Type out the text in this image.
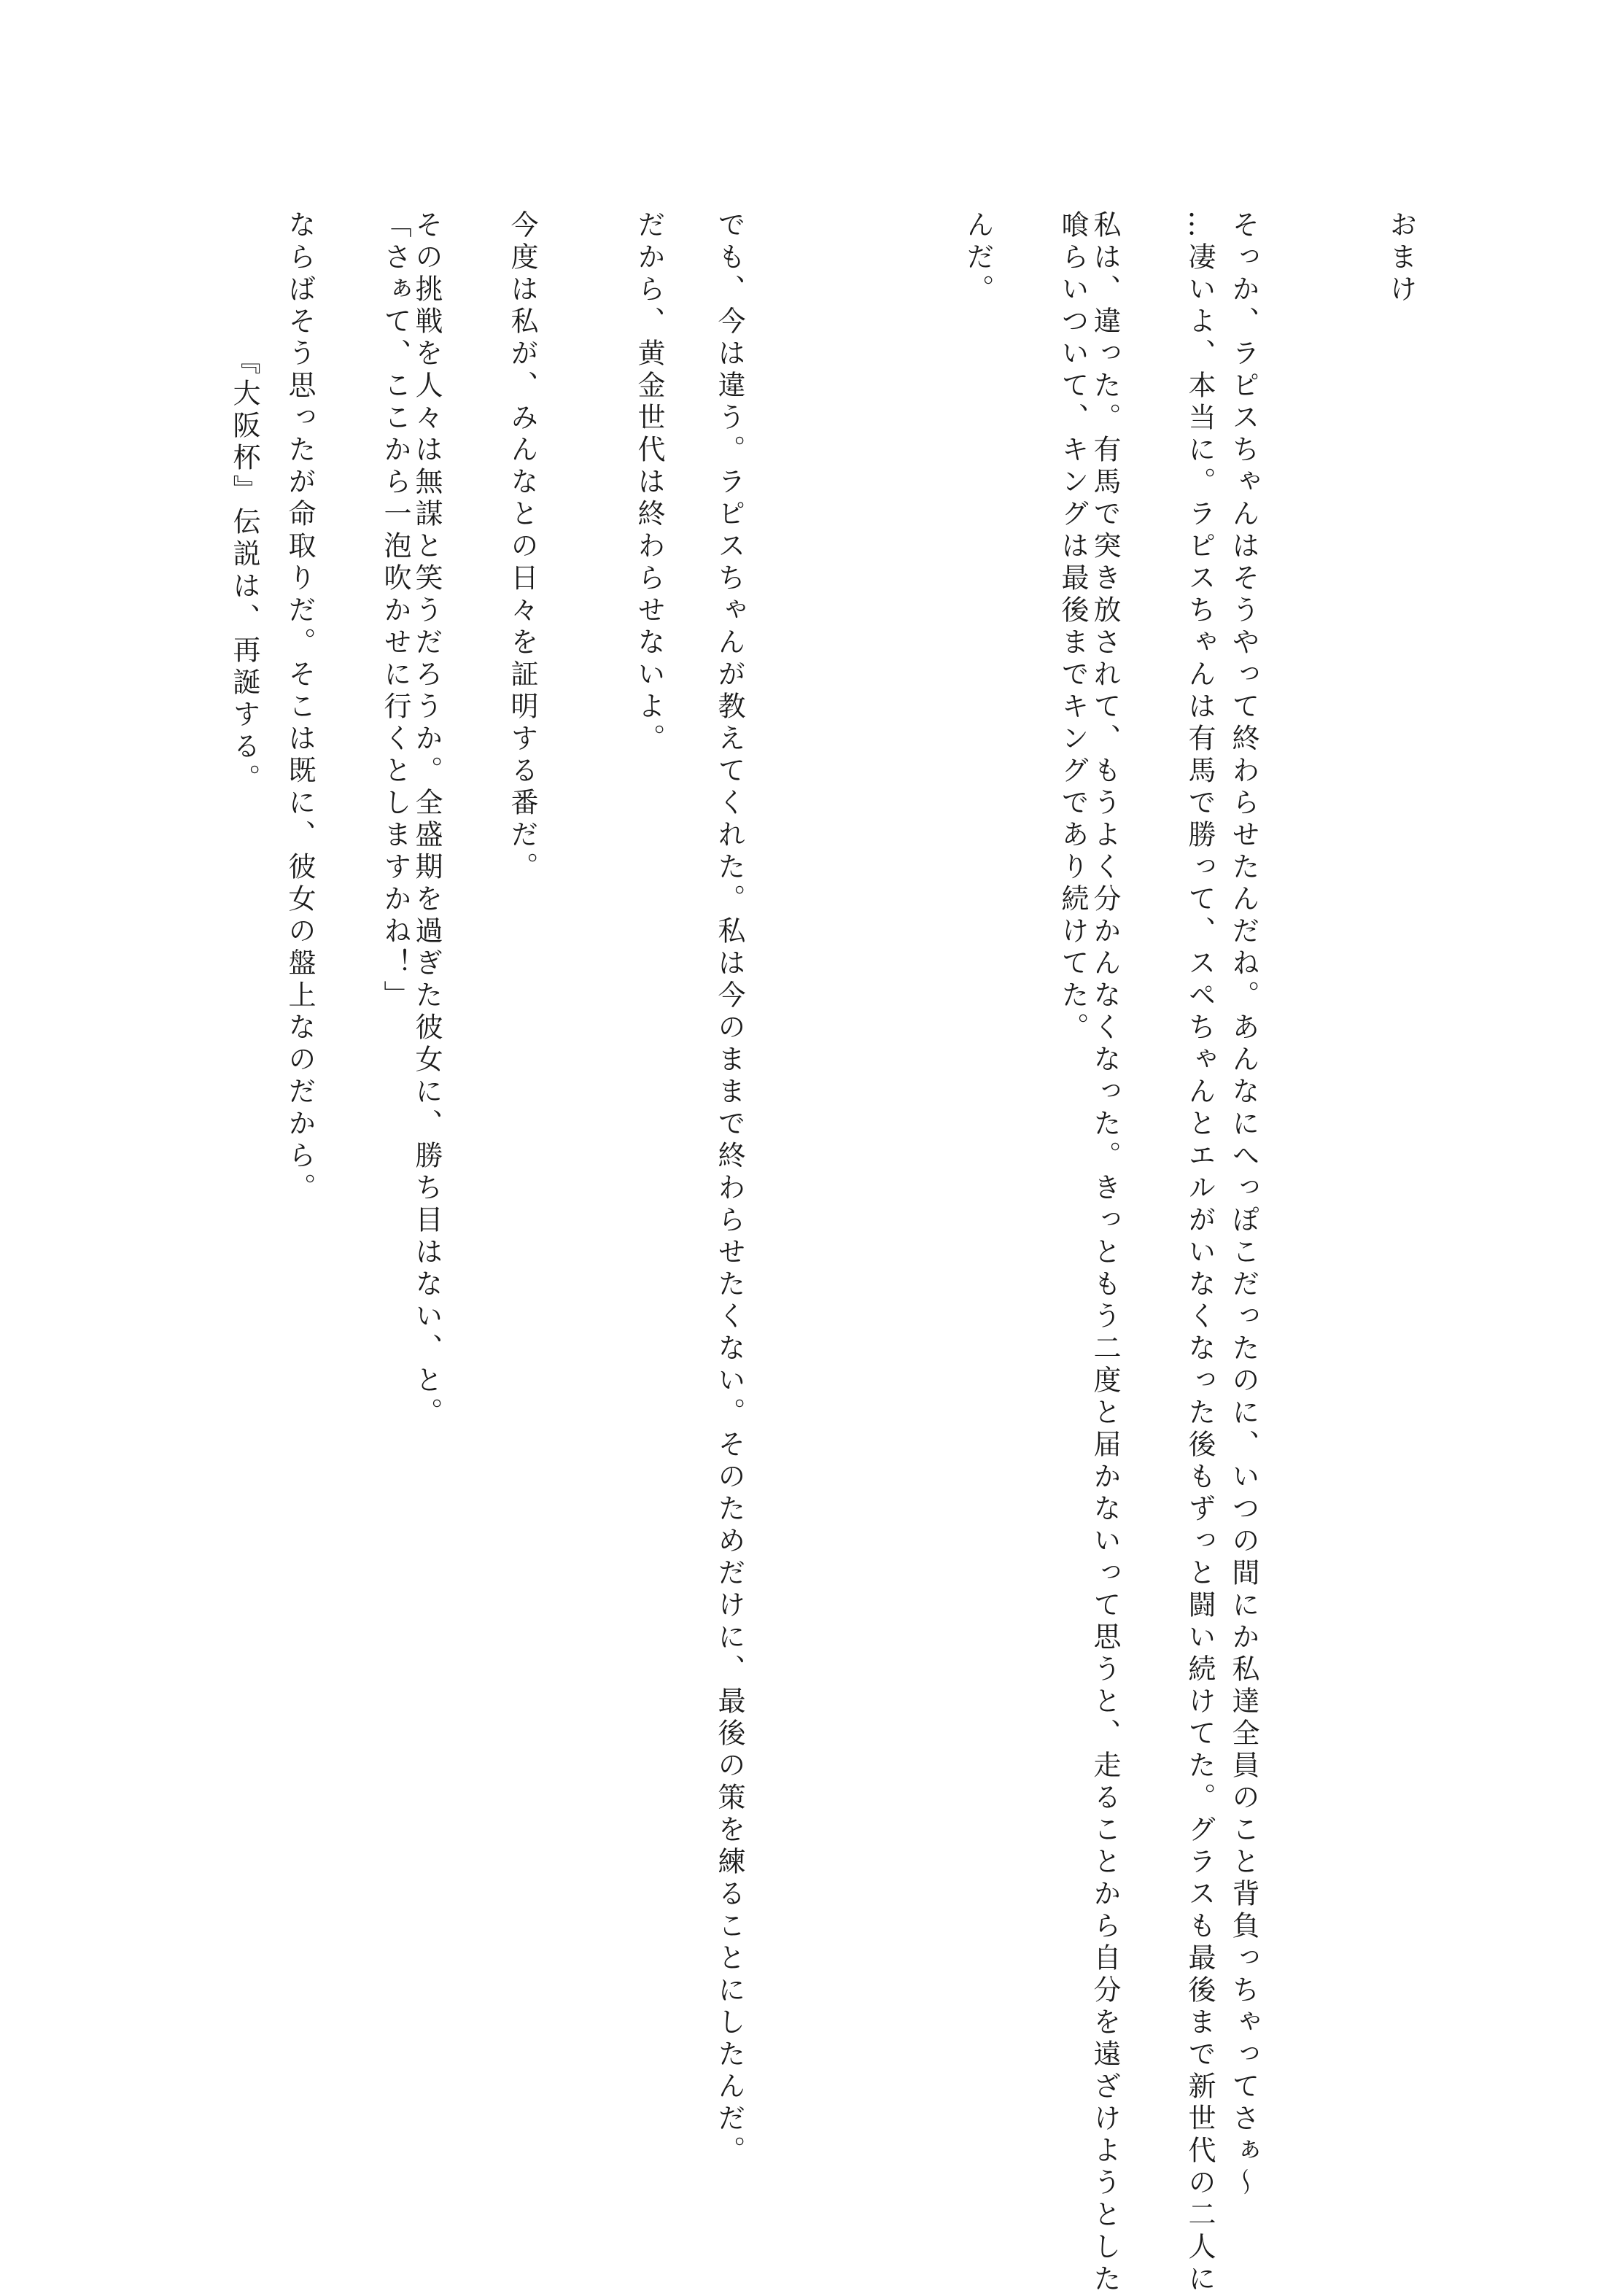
おまけ

そっか、ラピスちゃんはそうやって終わらせたんだね。あんなにへっぽこだったのに、いつの間にか私達全員のこと背負っちゃってさぁ〜

…凄いよ、本当に。ラピスちゃんは有馬で勝って、スペちゃんとエルがいなくなった後もずっと闘い続けてた。グラスも最後まで新世代の二人に

喰らいついて、キングは最後までキングであり続けてた。

私は、違った。有馬で突き放されて、もうよく分かんなくなった。きっともう二度と届かないって思うと、走ることから自分を遠ざけようとした

んだ。

でも、今は違う。ラピスちゃんが教えてくれた。私は今のままで終わらせたくない。そのためだけに、最後の策を練ることにしたんだ。

だから、黄金世代は終わらせないよ。

今度は私が、みんなとの日々を証明する番だ。

「さぁて、ここから一泡吹かせに行くとしますかね！」

その挑戦を人々は無謀と笑うだろうか。全盛期を過ぎた彼女に、勝ち目はない、と。

ならばそう思ったが命取りだ。そこは既に、彼女の盤上なのだから。

『大阪杯』伝説は、再誕する。
